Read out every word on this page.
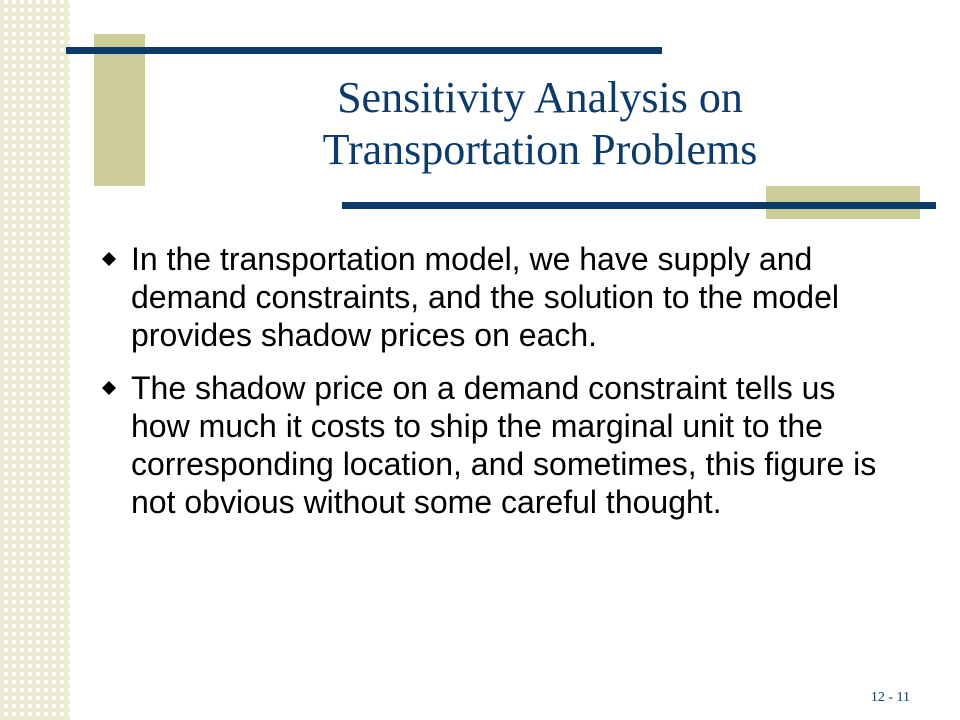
Sensitivity Analysis on Transportation Problems
In the transportation model, we have supply and demand constraints, and the solution to the model provides shadow prices on each.
The shadow price on a demand constraint tells us how much it costs to ship the marginal unit to the corresponding location, and sometimes, this figure is not obvious without some careful thought.
12 - 11
